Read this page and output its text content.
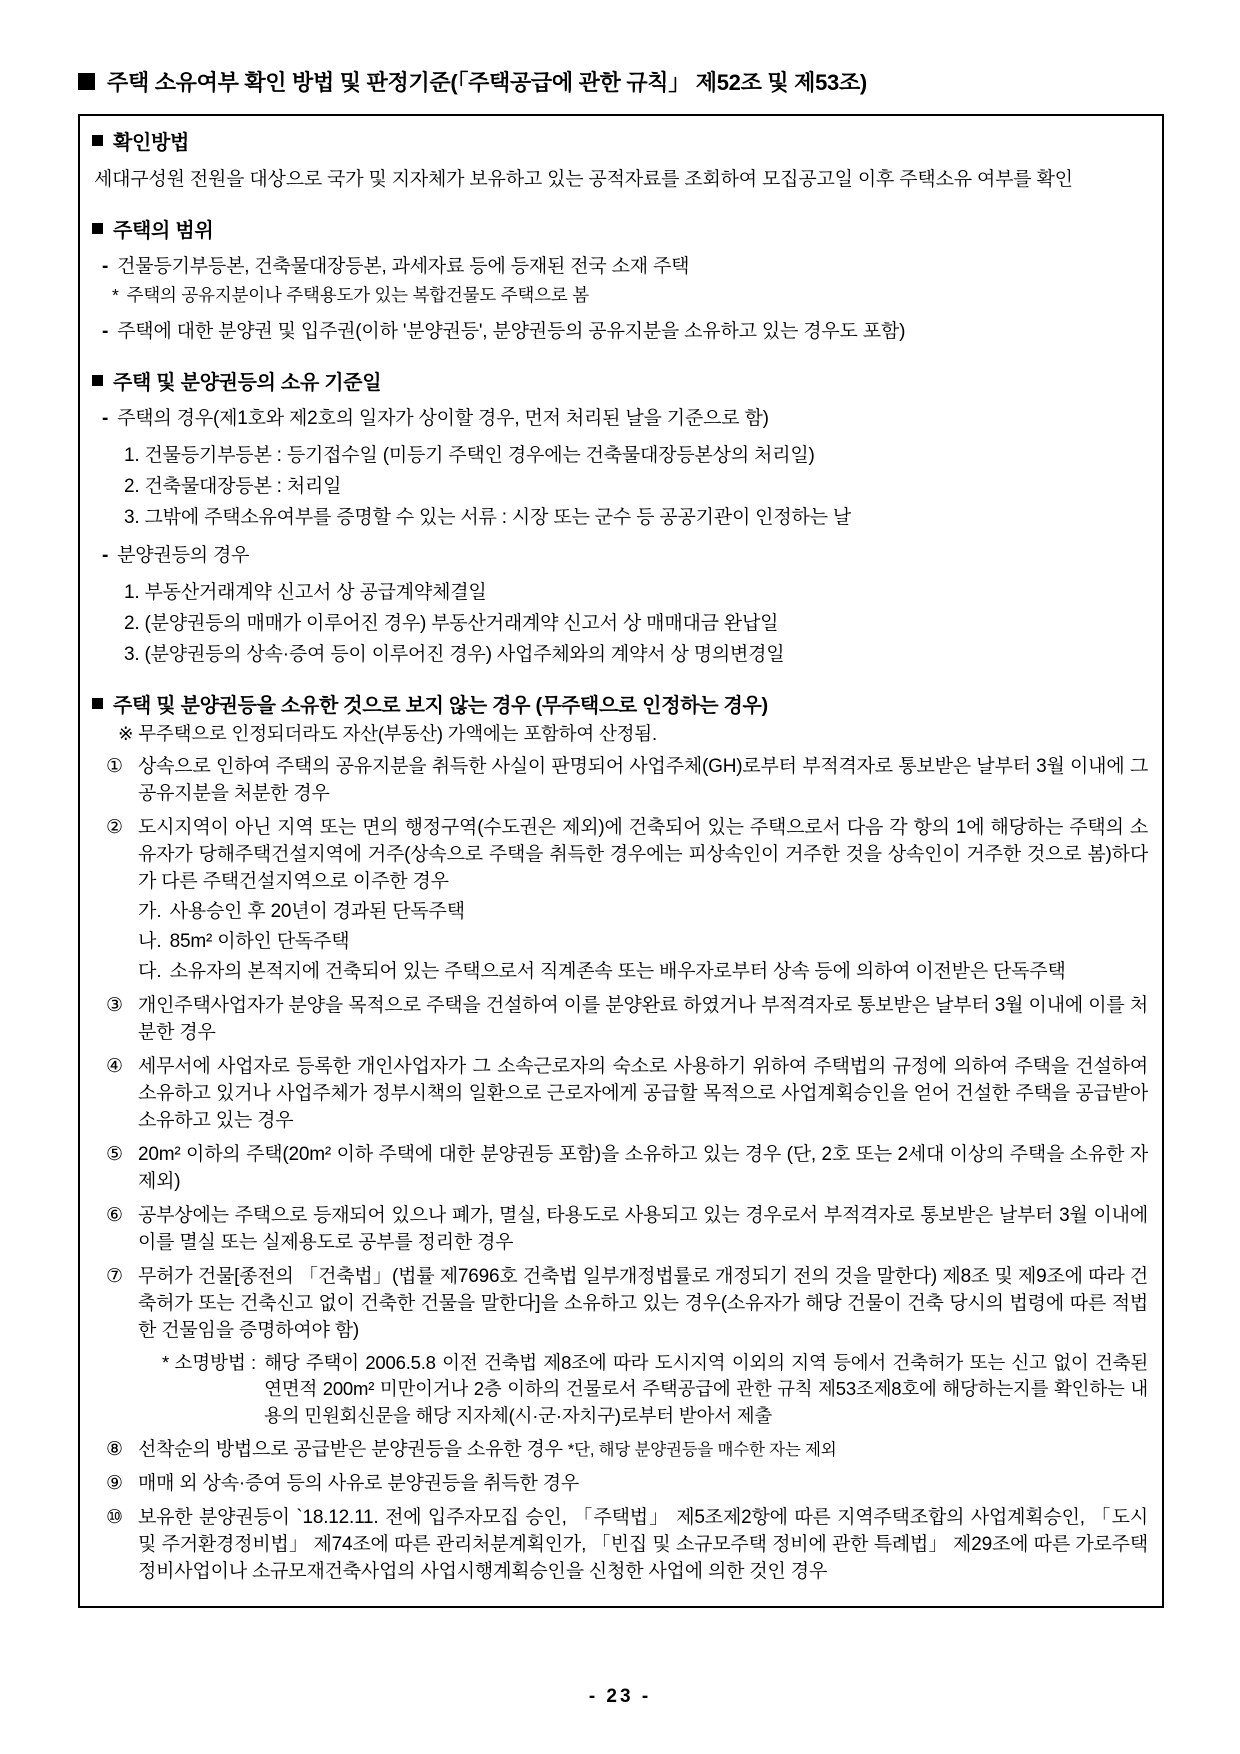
주택 소유여부 확인 방법 및 판정기준(「주택공급에 관한 규칙」 제52조 및 제53조)
확인방법
세대구성원 전원을 대상으로 국가 및 지자체가 보유하고 있는 공적자료를 조회하여 모집공고일 이후 주택소유 여부를 확인
주택의 범위
- 건물등기부등본, 건축물대장등본, 과세자료 등에 등재된 전국 소재 주택
* 주택의 공유지분이나 주택용도가 있는 복합건물도 주택으로 봄
- 주택에 대한 분양권 및 입주권(이하 '분양권등', 분양권등의 공유지분을 소유하고 있는 경우도 포함)
주택 및 분양권등의 소유 기준일
- 주택의 경우(제1호와 제2호의 일자가 상이할 경우, 먼저 처리된 날을 기준으로 함)
1. 건물등기부등본 : 등기접수일 (미등기 주택인 경우에는 건축물대장등본상의 처리일)
2. 건축물대장등본 : 처리일
3. 그밖에 주택소유여부를 증명할 수 있는 서류 : 시장 또는 군수 등 공공기관이 인정하는 날
- 분양권등의 경우
1. 부동산거래계약 신고서 상 공급계약체결일
2. (분양권등의 매매가 이루어진 경우) 부동산거래계약 신고서 상 매매대금 완납일
3. (분양권등의 상속·증여 등이 이루어진 경우) 사업주체와의 계약서 상 명의변경일
주택 및 분양권등을 소유한 것으로 보지 않는 경우 (무주택으로 인정하는 경우)
※ 무주택으로 인정되더라도 자산(부동산) 가액에는 포함하여 산정됨.
① 상속으로 인하여 주택의 공유지분을 취득한 사실이 판명되어 사업주체(GH)로부터 부적격자로 통보받은 날부터 3월 이내에 그 공유지분을 처분한 경우
② 도시지역이 아닌 지역 또는 면의 행정구역(수도권은 제외)에 건축되어 있는 주택으로서 다음 각 항의 1에 해당하는 주택의 소유자가 당해주택건설지역에 거주(상속으로 주택을 취득한 경우에는 피상속인이 거주한 것을 상속인이 거주한 것으로 봄)하다가 다른 주택건설지역으로 이주한 경우
가. 사용승인 후 20년이 경과된 단독주택
나. 85m² 이하인 단독주택
다. 소유자의 본적지에 건축되어 있는 주택으로서 직계존속 또는 배우자로부터 상속 등에 의하여 이전받은 단독주택
③ 개인주택사업자가 분양을 목적으로 주택을 건설하여 이를 분양완료 하였거나 부적격자로 통보받은 날부터 3월 이내에 이를 처분한 경우
④ 세무서에 사업자로 등록한 개인사업자가 그 소속근로자의 숙소로 사용하기 위하여 주택법의 규정에 의하여 주택을 건설하여 소유하고 있거나 사업주체가 정부시책의 일환으로 근로자에게 공급할 목적으로 사업계획승인을 얻어 건설한 주택을 공급받아 소유하고 있는 경우
⑤ 20m² 이하의 주택(20m² 이하 주택에 대한 분양권등 포함)을 소유하고 있는 경우 (단, 2호 또는 2세대 이상의 주택을 소유한 자 제외)
⑥ 공부상에는 주택으로 등재되어 있으나 폐가, 멸실, 타용도로 사용되고 있는 경우로서 부적격자로 통보받은 날부터 3월 이내에 이를 멸실 또는 실제용도로 공부를 정리한 경우
⑦ 무허가 건물[종전의 「건축법」(법률 제7696호 건축법 일부개정법률로 개정되기 전의 것을 말한다) 제8조 및 제9조에 따라 건축허가 또는 건축신고 없이 건축한 건물을 말한다]을 소유하고 있는 경우(소유자가 해당 건물이 건축 당시의 법령에 따른 적법한 건물임을 증명하여야 함)
* 소명방법 : 해당 주택이 2006.5.8 이전 건축법 제8조에 따라 도시지역 이외의 지역 등에서 건축허가 또는 신고 없이 건축된 연면적 200m² 미만이거나 2층 이하의 건물로서 주택공급에 관한 규칙 제53조제8호에 해당하는지를 확인하는 내용의 민원회신문을 해당 지자체(시·군·자치구)로부터 받아서 제출
⑧ 선착순의 방법으로 공급받은 분양권등을 소유한 경우 *단, 해당 분양권등을 매수한 자는 제외
⑨ 매매 외 상속·증여 등의 사유로 분양권등을 취득한 경우
⑩ 보유한 분양권등이 `18.12.11. 전에 입주자모집 승인, 「주택법」 제5조제2항에 따른 지역주택조합의 사업계획승인, 「도시 및 주거환경정비법」 제74조에 따른 관리처분계획인가, 「빈집 및 소규모주택 정비에 관한 특례법」 제29조에 따른 가로주택정비사업이나 소규모재건축사업의 사업시행계획승인을 신청한 사업에 의한 것인 경우
- 23 -
